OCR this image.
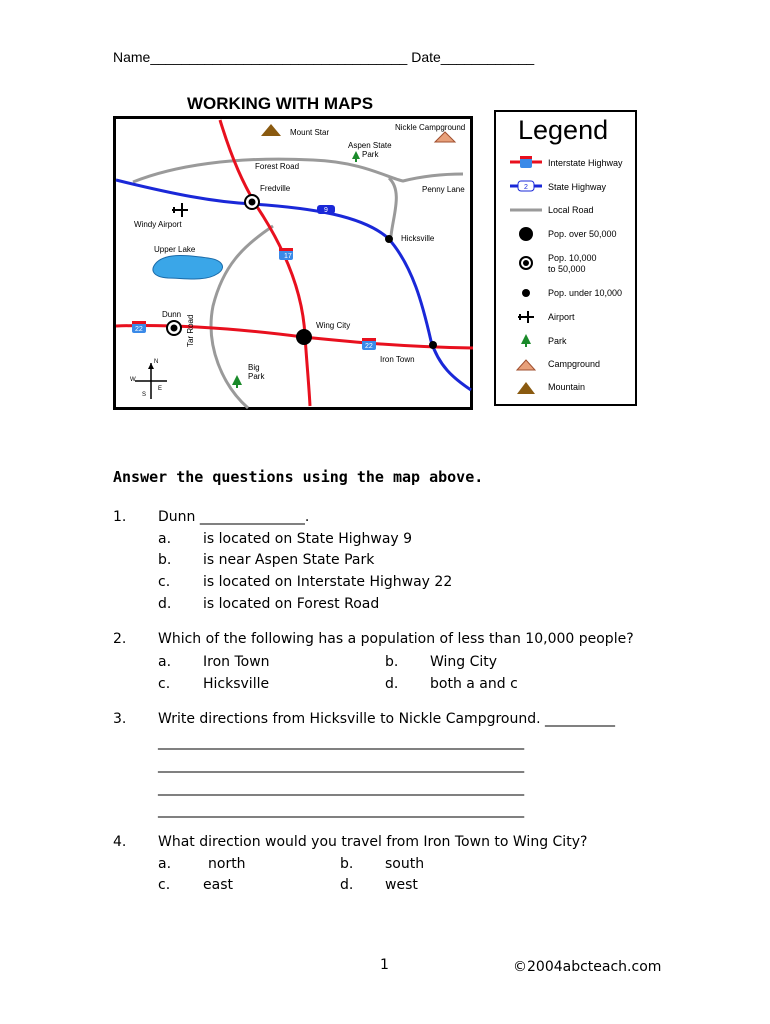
Name_________________________________ Date____________
WORKING WITH MAPS
Mount Star
Nickle Campground
Aspen State
Park
Forest Road
Fredville	Penny Lane
Windy Airport
Hicksville
Upper Lake
Dunn
Wing City
Tar Road
Big
Park
Iron Town
9
17
22
22
N
S
E
W
Legend
2
Interstate Highway
State Highway
Local Road
Pop. over 50,000
Pop. 10,000
to 50,000
Pop. under 10,000
Airport
Park
Campground
Mountain
Answer the questions using the map above.
1. Dunn _______________.
a. is located on State Highway 9
b. is near Aspen State Park
c. is located on Interstate Highway 22
d. is located on Forest Road
2. Which of the following has a population of less than 10,000 people?
a. Iron Town	b. Wing City
c. Hicksville	d. both a and c
3. Write directions from Hicksville to Nickle Campground. __________
_______________________________________________________
_______________________________________________________
_______________________________________________________
_______________________________________________________
4. What direction would you travel from Iron Town to Wing City?
a.	north	b. south
c. east	d. west
1	©2004abcteach.com
